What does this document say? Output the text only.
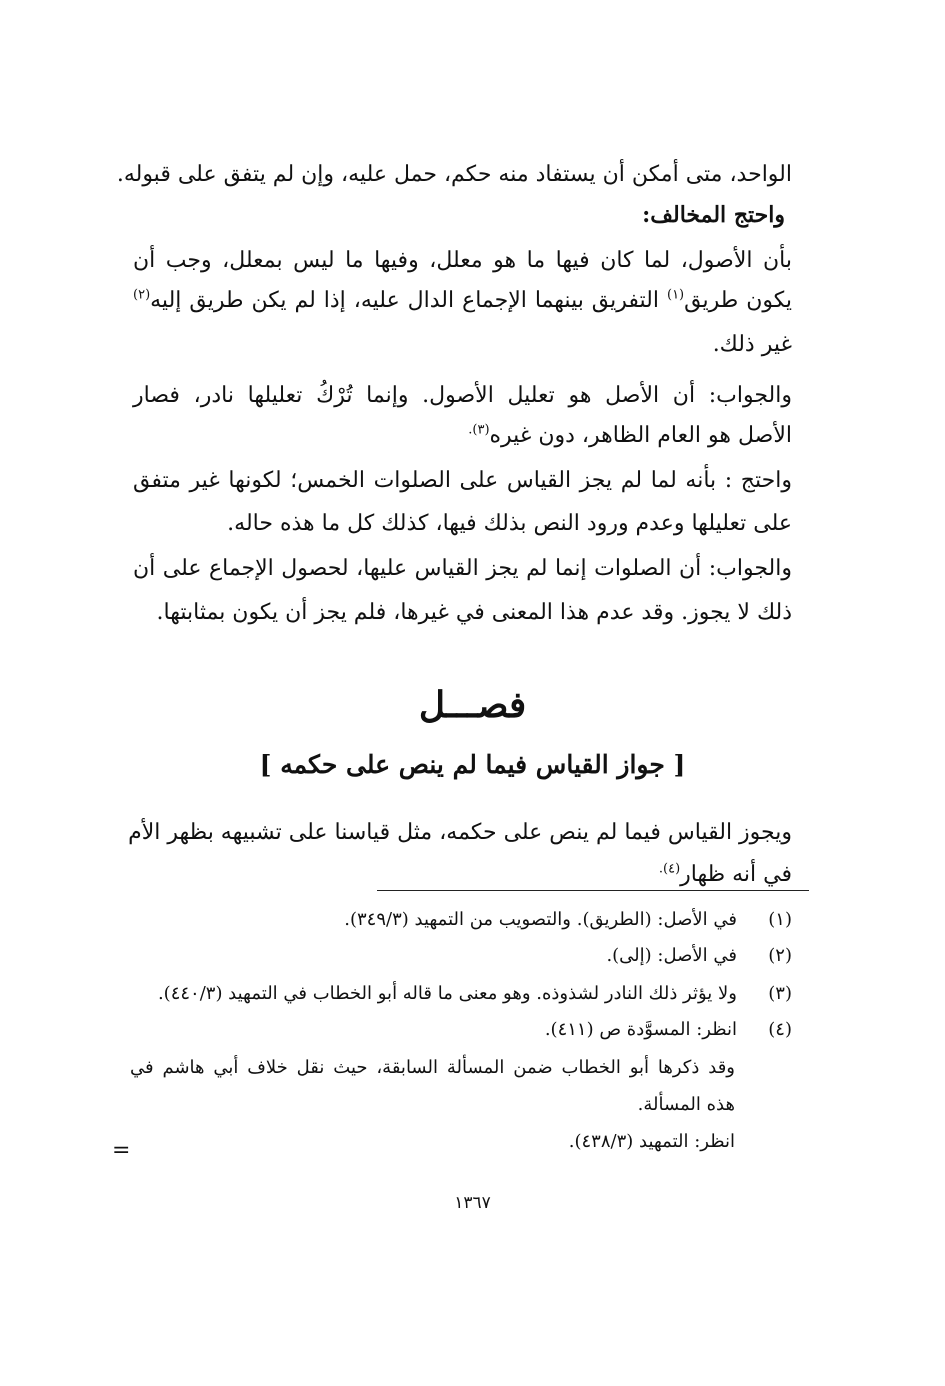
الواحد، متى أمكن أن يستفاد منه حكم، حمل عليه، وإن لم يتفق على قبوله.
واحتج المخالف:
بأن الأصول، لما كان فيها ما هو معلل، وفيها ما ليس بمعلل، وجب أن
يكون طريق$^{(١)}$ التفريق بينهما الإجماع الدال عليه، إذا لم يكن طريق إليه$^{(٢)}$
غير ذلك.
والجواب: أن الأصل هو تعليل الأصول. وإنما تُرْكُ تعليلها نادر، فصار
الأصل هو العام الظاهر، دون غيره$^{(٣).}$
واحتج : بأنه لما لم يجز القياس على الصلوات الخمس؛ لكونها غير متفق
على تعليلها وعدم ورود النص بذلك فيها، كذلك كل ما هذه حاله.
والجواب: أن الصلوات إنما لم يجز القياس عليها، لحصول الإجماع على أن
ذلك لا يجوز. وقد عدم هذا المعنى في غيرها، فلم يجز أن يكون بمثابتها.
فصـــل
[ جواز القياس فيما لم ينص على حكمه ]
ويجوز القياس فيما لم ينص على حكمه، مثل قياسنا على تشبيهه بظهر الأم
في أنه ظهار$^{(٤).}$
(١)
في الأصل: (الطريق). والتصويب من التمهيد (٣٤٩/٣).
(٢)
في الأصل: (إلى).
(٣)
ولا يؤثر ذلك النادر لشذوذه. وهو معنى ما قاله أبو الخطاب في التمهيد (٤٤٠/٣).
(٤)
انظر: المسوَّدة ص (٤١١).
وقد ذكرها أبو الخطاب ضمن المسألة السابقة، حيث نقل خلاف أبي هاشم في
هذه المسألة.
انظر: التمهيد (٤٣٨/٣).
=
١٣٦٧
